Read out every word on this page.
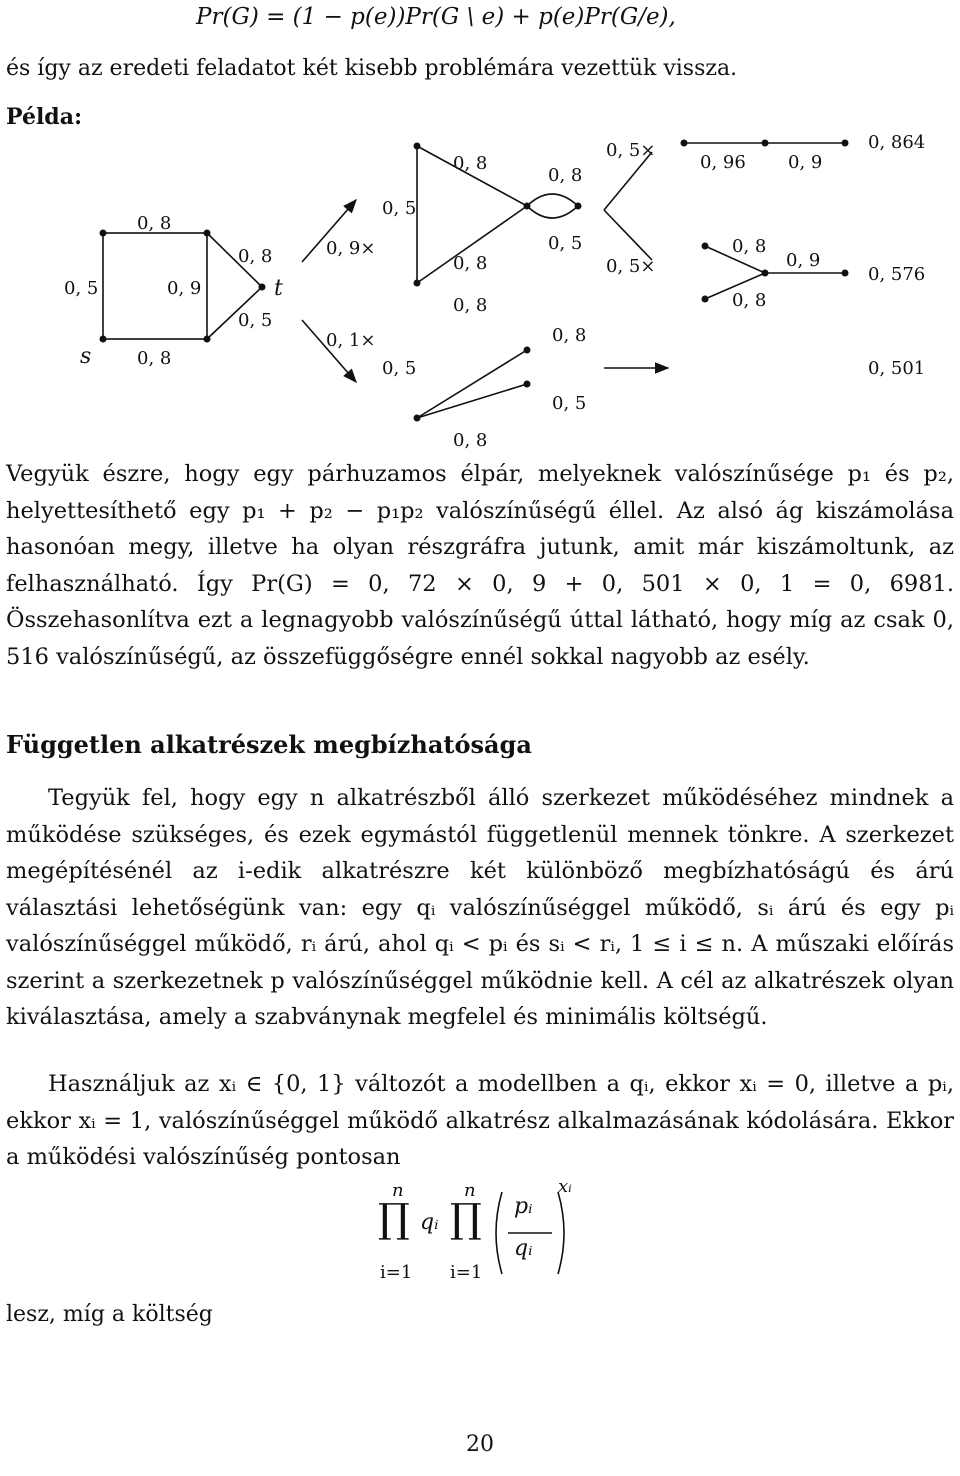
Pr(G) = (1 − p(e))Pr(G \ e) + p(e)Pr(G/e),
és így az eredeti feladatot két kisebb problémára vezettük vissza.
Példa:
s
t
0, 8
0, 5	0, 9
0, 8
0, 8
0, 5
0, 9×
0, 1×
0, 5
0, 5
0, 8
0, 8
0, 8
0, 8
0, 5
0, 8
0, 5
0, 8
0, 5×
0, 5×
0, 96 0, 9
0, 8
0, 8
0, 9
0, 864
0, 576
0, 501
Vegyük észre, hogy egy párhuzamos élpár, melyeknek valószínűsége p₁ és p₂, helyettesíthető egy p₁ + p₂ − p₁p₂ valószínűségű éllel. Az alsó ág kiszámolása hasonóan megy, illetve ha olyan részgráfra jutunk, amit már kiszámoltunk, az felhasználható. Így Pr(G) = 0, 72 × 0, 9 + 0, 501 × 0, 1 = 0, 6981. Összehasonlítva ezt a legnagyobb valószínűségű úttal látható, hogy míg az csak 0, 516 valószínűségű, az összefüggőségre ennél sokkal nagyobb az esély.
Független alkatrészek megbízhatósága
Tegyük fel, hogy egy n alkatrészből álló szerkezet működéséhez mindnek a működése szükséges, és ezek egymástól függetlenül mennek tönkre. A szerkezet megépítésénél az i-edik alkatrészre két különböző megbízhatóságú és árú választási lehetőségünk van: egy qᵢ valószínűséggel működő, sᵢ árú és egy pᵢ valószínűséggel működő, rᵢ árú, ahol qᵢ < pᵢ és sᵢ < rᵢ, 1 ≤ i ≤ n. A műszaki előírás szerint a szerkezetnek p valószínűséggel működnie kell. A cél az alkatrészek olyan kiválasztása, amely a szabványnak megfelel és minimális költségű.
Használjuk az xᵢ ∈ {0, 1} változót a modellben a qᵢ, ekkor xᵢ = 0, illetve a pᵢ, ekkor xᵢ = 1, valószínűséggel működő alkatrész alkalmazásának kódolására. Ekkor a működési valószínűség pontosan
n
∏
i=1
qᵢ
n
∏
i=1
pᵢ
qᵢ
xᵢ
lesz, míg a költség
20
